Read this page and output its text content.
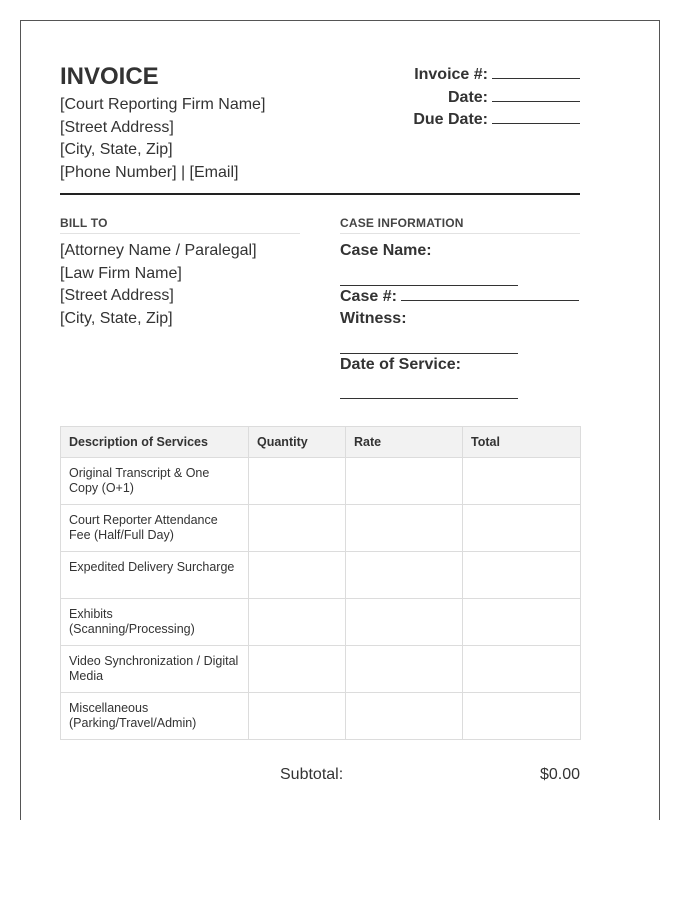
INVOICE
[Court Reporting Firm Name]
[Street Address]
[City, State, Zip]
[Phone Number] | [Email]
Invoice #:
Date:
Due Date:
BILL TO
[Attorney Name / Paralegal]
[Law Firm Name]
[Street Address]
[City, State, Zip]
CASE INFORMATION
Case Name:
Case #:
Witness:
Date of Service:
Description of Services	Quantity	Rate	Total
Original Transcript & One Copy (O+1)			
Court Reporter Attendance Fee (Half/Full Day)			
Expedited Delivery Surcharge			
Exhibits (Scanning/Processing)			
Video Synchronization / Digital Media			
Miscellaneous (Parking/Travel/Admin)			
Subtotal:	$0.00
